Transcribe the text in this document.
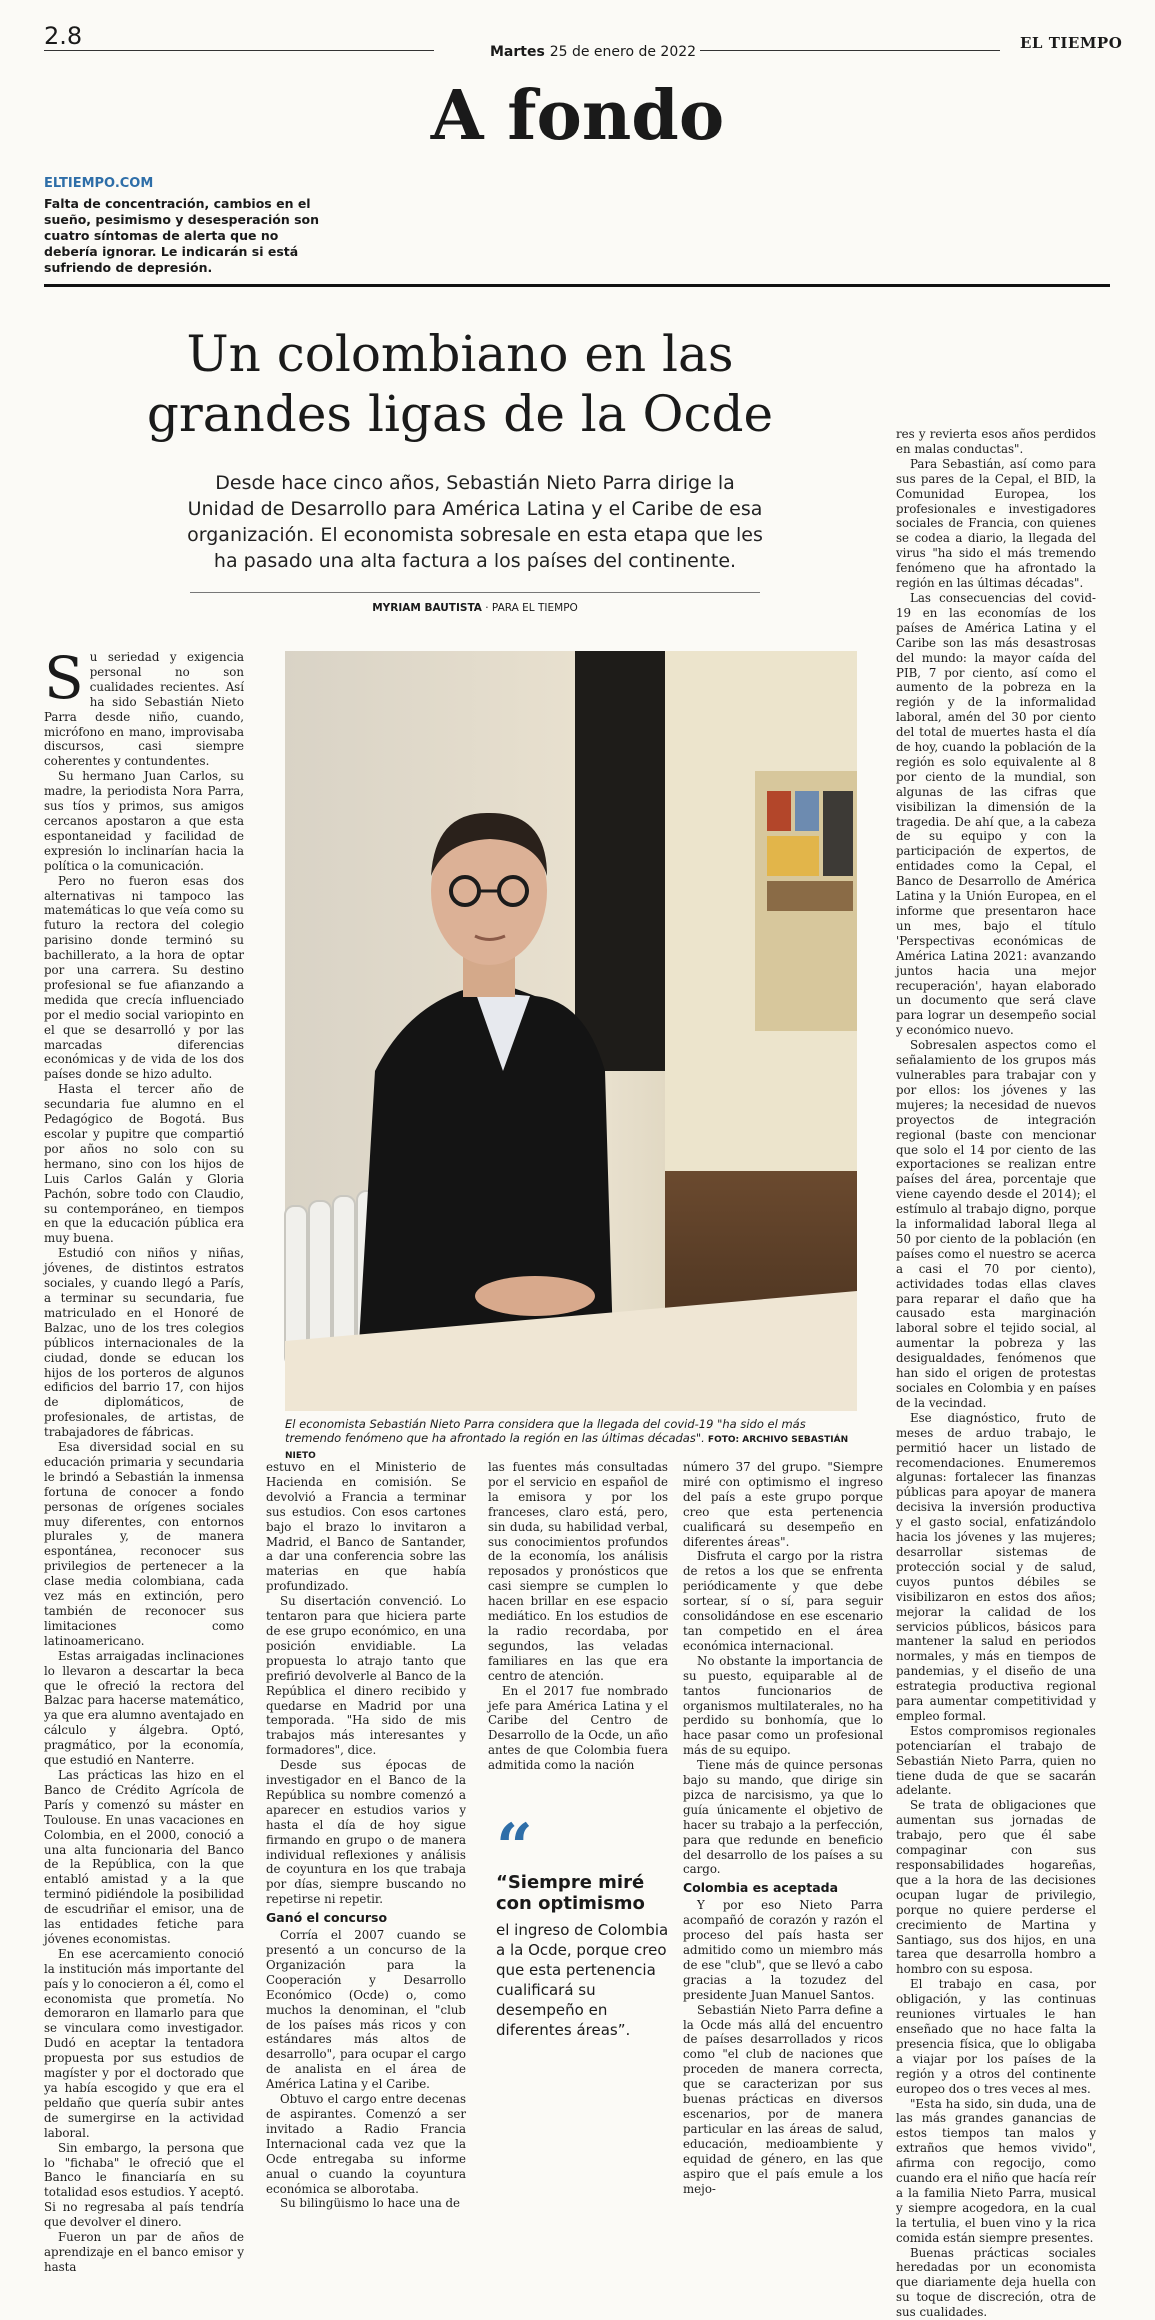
2.8
Martes 25 de enero de 2022	EL TIEMPO
A fondo
ELTIEMPO.COM
Falta de concentración, cambios en el sueño, pesimismo y desesperación son cuatro síntomas de alerta que no debería ignorar. Le indicarán si está sufriendo de depresión.
Un colombiano en las grandes ligas de la Ocde
Desde hace cinco años, Sebastián Nieto Parra dirige la Unidad de Desarrollo para América Latina y el Caribe de esa organización. El economista sobresale en esta etapa que les ha pasado una alta factura a los países del continente.
MYRIAM BAUTISTA · PARA EL TIEMPO
El economista Sebastián Nieto Parra considera que la llegada del covid-19 "ha sido el más tremendo fenómeno que ha afrontado la región en las últimas décadas". FOTO: ARCHIVO SEBASTIÁN NIETO
S u seriedad y exigencia personal no son cualidades recientes. Así ha sido Sebastián Nieto Parra desde niño, cuando, micrófono en mano, improvisaba discursos, casi siempre coherentes y contundentes.

Su hermano Juan Carlos, su madre, la periodista Nora Parra, sus tíos y primos, sus amigos cercanos apostaron a que esta espontaneidad y facilidad de expresión lo inclinarían hacia la política o la comunicación.

Pero no fueron esas dos alternativas ni tampoco las matemáticas lo que veía como su futuro la rectora del colegio parisino donde terminó su bachillerato, a la hora de optar por una carrera. Su destino profesional se fue afianzando a medida que crecía influenciado por el medio social variopinto en el que se desarrolló y por las marcadas diferencias económicas y de vida de los dos países donde se hizo adulto.

Hasta el tercer año de secundaria fue alumno en el Pedagógico de Bogotá. Bus escolar y pupitre que compartió por años no solo con su hermano, sino con los hijos de Luis Carlos Galán y Gloria Pachón, sobre todo con Claudio, su contemporáneo, en tiempos en que la educación pública era muy buena.

Estudió con niños y niñas, jóvenes, de distintos estratos sociales, y cuando llegó a París, a terminar su secundaria, fue matriculado en el Honoré de Balzac, uno de los tres colegios públicos internacionales de la ciudad, donde se educan los hijos de los porteros de algunos edificios del barrio 17, con hijos de diplomáticos, de profesionales, de artistas, de trabajadores de fábricas.

Esa diversidad social en su educación primaria y secundaria le brindó a Sebastián la inmensa fortuna de conocer a fondo personas de orígenes sociales muy diferentes, con entornos plurales y, de manera espontánea, reconocer sus privilegios de pertenecer a la clase media colombiana, cada vez más en extinción, pero también de reconocer sus limitaciones como latinoamericano.

Estas arraigadas inclinaciones lo llevaron a descartar la beca que le ofreció la rectora del Balzac para hacerse matemático, ya que era alumno aventajado en cálculo y álgebra. Optó, pragmático, por la economía, que estudió en Nanterre.

Las prácticas las hizo en el Banco de Crédito Agrícola de París y comenzó su máster en Toulouse. En unas vacaciones en Colombia, en el 2000, conoció a una alta funcionaria del Banco de la República, con la que entabló amistad y a la que terminó pidiéndole la posibilidad de escudriñar el emisor, una de las entidades fetiche para jóvenes economistas.

En ese acercamiento conoció la institución más importante del país y lo conocieron a él, como el economista que prometía. No demoraron en llamarlo para que se vinculara como investigador. Dudó en aceptar la tentadora propuesta por sus estudios de magíster y por el doctorado que ya había escogido y que era el peldaño que quería subir antes de sumergirse en la actividad laboral.

Sin embargo, la persona que lo "fichaba" le ofreció que el Banco le financiaría en su totalidad esos estudios. Y aceptó. Si no regresaba al país tendría que devolver el dinero.

Fueron un par de años de aprendizaje en el banco emisor y hasta

estuvo en el Ministerio de Hacienda en comisión. Se devolvió a Francia a terminar sus estudios. Con esos cartones bajo el brazo lo invitaron a Madrid, el Banco de Santander, a dar una conferencia sobre las materias en que había profundizado.

Su disertación convenció. Lo tentaron para que hiciera parte de ese grupo económico, en una posición envidiable. La propuesta lo atrajo tanto que prefirió devolverle al Banco de la República el dinero recibido y quedarse en Madrid por una temporada. "Ha sido de mis trabajos más interesantes y formadores", dice.

Desde sus épocas de investigador en el Banco de la República su nombre comenzó a aparecer en estudios varios y hasta el día de hoy sigue firmando en grupo o de manera individual reflexiones y análisis de coyuntura en los que trabaja por días, siempre buscando no repetirse ni repetir.

Ganó el concurso

Corría el 2007 cuando se presentó a un concurso de la Organización para la Cooperación y Desarrollo Económico (Ocde) o, como muchos la denominan, el "club de los países más ricos y con estándares más altos de desarrollo", para ocupar el cargo de analista en el área de América Latina y el Caribe.

Obtuvo el cargo entre decenas de aspirantes. Comenzó a ser invitado a Radio Francia Internacional cada vez que la Ocde entregaba su informe anual o cuando la coyuntura económica se alborotaba.

Su bilingüismo lo hace una de

las fuentes más consultadas por el servicio en español de la emisora y por los franceses, claro está, pero, sin duda, su habilidad verbal, sus conocimientos profundos de la economía, los análisis reposados y pronósticos que casi siempre se cumplen lo hacen brillar en ese espacio mediático. En los estudios de la radio recordaba, por segundos, las veladas familiares en las que era centro de atención.

En el 2017 fue nombrado jefe para América Latina y el Caribe del Centro de Desarrollo de la Ocde, un año antes de que Colombia fuera admitida como la nación

“
“Siempre miré con optimismo
el ingreso de Colombia a la Ocde, porque creo que esta pertenencia cualificará su desempeño en diferentes áreas”.

número 37 del grupo. "Siempre miré con optimismo el ingreso del país a este grupo porque creo que esta pertenencia cualificará su desempeño en diferentes áreas".

Disfruta el cargo por la ristra de retos a los que se enfrenta periódicamente y que debe sortear, sí o sí, para seguir consolidándose en ese escenario tan competido en el área económica internacional.

No obstante la importancia de su puesto, equiparable al de tantos funcionarios de organismos multilaterales, no ha perdido su bonhomía, que lo hace pasar como un profesional más de su equipo.

Tiene más de quince personas bajo su mando, que dirige sin pizca de narcisismo, ya que lo guía únicamente el objetivo de hacer su trabajo a la perfección, para que redunde en beneficio del desarrollo de los países a su cargo.

Colombia es aceptada

Y por eso Nieto Parra acompañó de corazón y razón el proceso del país hasta ser admitido como un miembro más de ese "club", que se llevó a cabo gracias a la tozudez del presidente Juan Manuel Santos.

Sebastián Nieto Parra define a la Ocde más allá del encuentro de países desarrollados y ricos como "el club de naciones que proceden de manera correcta, que se caracterizan por sus buenas prácticas en diversos escenarios, por de manera particular en las áreas de salud, educación, medioambiente y equidad de género, en las que aspiro que el país emule a los mejo-

res y revierta esos años perdidos en malas conductas".

Para Sebastián, así como para sus pares de la Cepal, el BID, la Comunidad Europea, los profesionales e investigadores sociales de Francia, con quienes se codea a diario, la llegada del virus "ha sido el más tremendo fenómeno que ha afrontado la región en las últimas décadas".

Las consecuencias del covid-19 en las economías de los países de América Latina y el Caribe son las más desastrosas del mundo: la mayor caída del PIB, 7 por ciento, así como el aumento de la pobreza en la región y de la informalidad laboral, amén del 30 por ciento del total de muertes hasta el día de hoy, cuando la población de la región es solo equivalente al 8 por ciento de la mundial, son algunas de las cifras que visibilizan la dimensión de la tragedia. De ahí que, a la cabeza de su equipo y con la participación de expertos, de entidades como la Cepal, el Banco de Desarrollo de América Latina y la Unión Europea, en el informe que presentaron hace un mes, bajo el título 'Perspectivas económicas de América Latina 2021: avanzando juntos hacia una mejor recuperación', hayan elaborado un documento que será clave para lograr un desempeño social y económico nuevo.

Sobresalen aspectos como el señalamiento de los grupos más vulnerables para trabajar con y por ellos: los jóvenes y las mujeres; la necesidad de nuevos proyectos de integración regional (baste con mencionar que solo el 14 por ciento de las exportaciones se realizan entre países del área, porcentaje que viene cayendo desde el 2014); el estímulo al trabajo digno, porque la informalidad laboral llega al 50 por ciento de la población (en países como el nuestro se acerca a casi el 70 por ciento), actividades todas ellas claves para reparar el daño que ha causado esta marginación laboral sobre el tejido social, al aumentar la pobreza y las desigualdades, fenómenos que han sido el origen de protestas sociales en Colombia y en países de la vecindad.

Ese diagnóstico, fruto de meses de arduo trabajo, le permitió hacer un listado de recomendaciones. Enumeremos algunas: fortalecer las finanzas públicas para apoyar de manera decisiva la inversión productiva y el gasto social, enfatizándolo hacia los jóvenes y las mujeres; desarrollar sistemas de protección social y de salud, cuyos puntos débiles se visibilizaron en estos dos años; mejorar la calidad de los servicios públicos, básicos para mantener la salud en periodos normales, y más en tiempos de pandemias, y el diseño de una estrategia productiva regional para aumentar competitividad y empleo formal.

Estos compromisos regionales potenciarían el trabajo de Sebastián Nieto Parra, quien no tiene duda de que se sacarán adelante.

Se trata de obligaciones que aumentan sus jornadas de trabajo, pero que él sabe compaginar con sus responsabilidades hogareñas, que a la hora de las decisiones ocupan lugar de privilegio, porque no quiere perderse el crecimiento de Martina y Santiago, sus dos hijos, en una tarea que desarrolla hombro a hombro con su esposa.

El trabajo en casa, por obligación, y las continuas reuniones virtuales le han enseñado que no hace falta la presencia física, que lo obligaba a viajar por los países de la región y a otros del continente europeo dos o tres veces al mes.

"Esta ha sido, sin duda, una de las más grandes ganancias de estos tiempos tan malos y extraños que hemos vivido", afirma con regocijo, como cuando era el niño que hacía reír a la familia Nieto Parra, musical y siempre acogedora, en la cual la tertulia, el buen vino y la rica comida están siempre presentes.

Buenas prácticas sociales heredadas por un economista que diariamente deja huella con su toque de discreción, otra de sus cualidades.
